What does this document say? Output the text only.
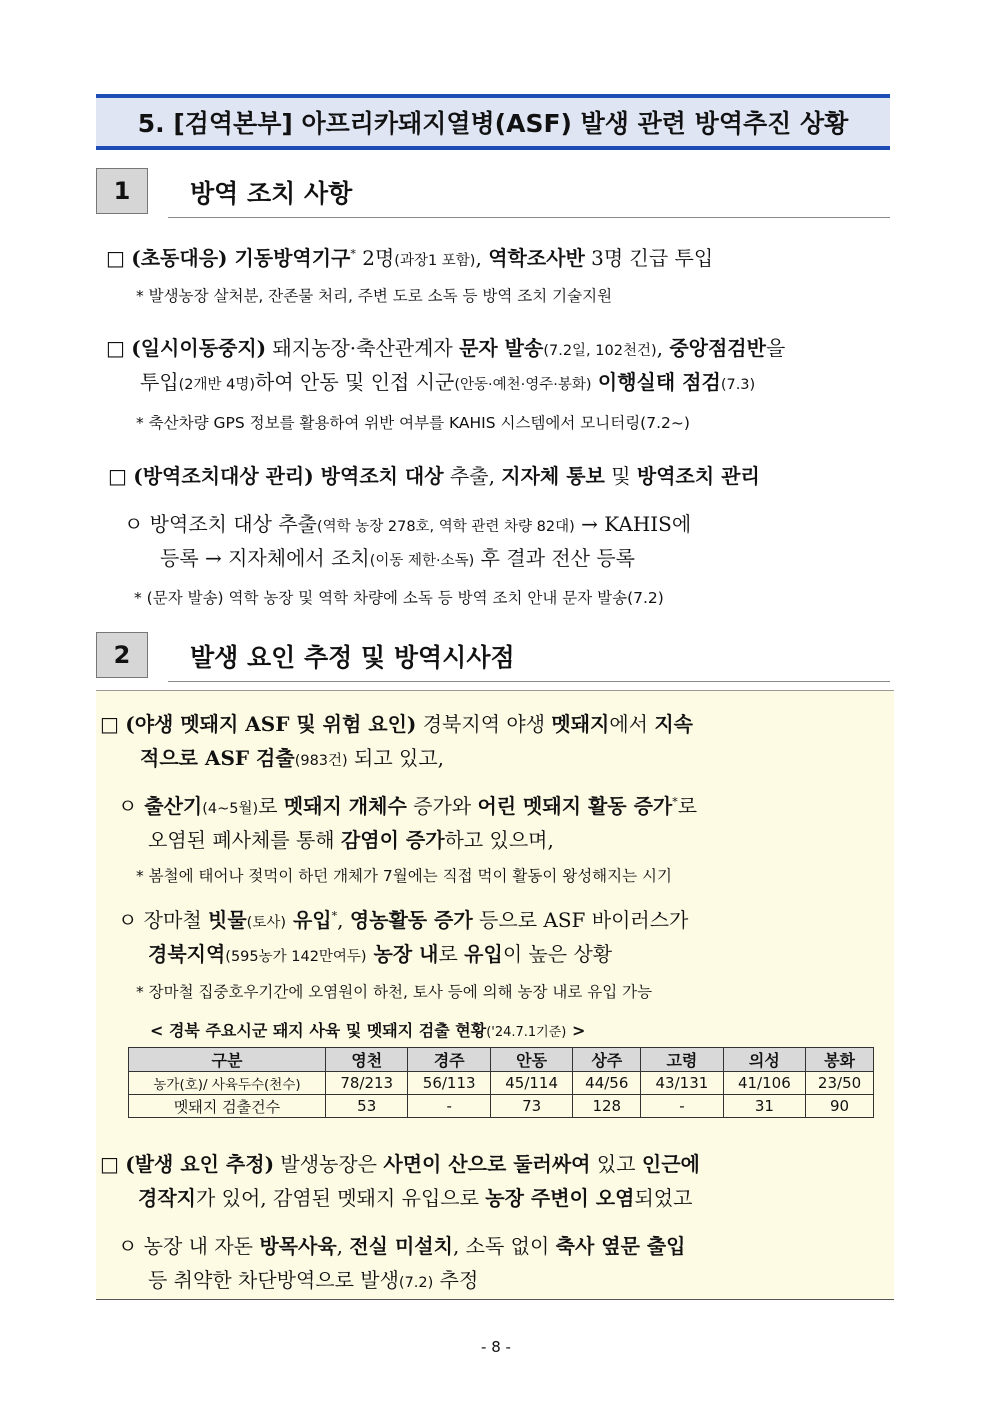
5. [검역본부] 아프리카돼지열병(ASF) 발생 관련 방역추진 상황
1	방역 조치 사항
□ (초동대응) 기동방역기구* 2명(과장1 포함), 역학조사반 3명 긴급 투입
* 발생농장 살처분, 잔존물 처리, 주변 도로 소독 등 방역 조치 기술지원
□ (일시이동중지) 돼지농장·축산관계자 문자 발송(7.2일, 102천건), 중앙점검반을
투입(2개반 4명)하여 안동 및 인접 시군(안동·예천·영주·봉화) 이행실태 점검(7.3)
* 축산차량 GPS 정보를 활용하여 위반 여부를 KAHIS 시스템에서 모니터링(7.2~)
□ (방역조치대상 관리) 방역조치 대상 추출, 지자체 통보 및 방역조치 관리
ㅇ 방역조치 대상 추출(역학 농장 278호, 역학 관련 차량 82대) → KAHIS에
등록 → 지자체에서 조치(이동 제한·소독) 후 결과 전산 등록
* (문자 발송) 역학 농장 및 역학 차량에 소독 등 방역 조치 안내 문자 발송(7.2)
2	발생 요인 추정 및 방역시사점
□ (야생 멧돼지 ASF 및 위험 요인) 경북지역 야생 멧돼지에서 지속
적으로 ASF 검출(983건) 되고 있고,
ㅇ 출산기(4~5월)로 멧돼지 개체수 증가와 어린 멧돼지 활동 증가*로
오염된 폐사체를 통해 감염이 증가하고 있으며,
* 봄철에 태어나 젖먹이 하던 개체가 7월에는 직접 먹이 활동이 왕성해지는 시기
ㅇ 장마철 빗물(토사) 유입*, 영농활동 증가 등으로 ASF 바이러스가
경북지역(595농가 142만여두) 농장 내로 유입이 높은 상황
* 장마철 집중호우기간에 오염원이 하천, 토사 등에 의해 농장 내로 유입 가능
< 경북 주요시군 돼지 사육 및 멧돼지 검출 현황('24.7.1기준) >
구분	영천	경주	안동	상주	고령	의성	봉화
농가(호)/ 사육두수(천수)	78/213	56/113	45/114	44/56	43/131	41/106	23/50
멧돼지 검출건수	53	-	73	128	-	31	90
□ (발생 요인 추정) 발생농장은 사면이 산으로 둘러싸여 있고 인근에
경작지가 있어, 감염된 멧돼지 유입으로 농장 주변이 오염되었고
ㅇ 농장 내 자돈 방목사육, 전실 미설치, 소독 없이 축사 옆문 출입
등 취약한 차단방역으로 발생(7.2) 추정
- 8 -
